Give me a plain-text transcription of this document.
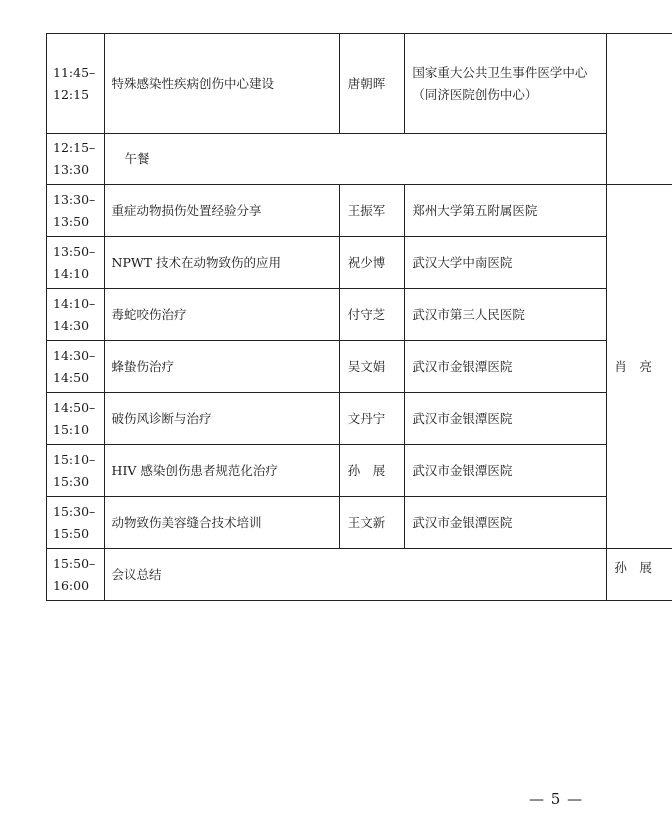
11:45–
12:15	特殊感染性疾病创伤中心建设	唐朝晖	国家重大公共卫生事件医学中心（同济医院创伤中心）	

12:15–
13:30	午餐			

13:30–
13:50	重症动物损伤处置经验分享	王振军	郑州大学第五附属医院	肖　亮

13:50–
14:10	NPWT 技术在动物致伤的应用	祝少博	武汉大学中南医院	

14:10–
14:30	毒蛇咬伤治疗	付守芝	武汉市第三人民医院	

14:30–
14:50	蜂蛰伤治疗	吴文娟	武汉市金银潭医院	

14:50–
15:10	破伤风诊断与治疗	文丹宁	武汉市金银潭医院	

15:10–
15:30	HIV 感染创伤患者规范化治疗	孙　展	武汉市金银潭医院	

15:30–
15:50	动物致伤美容缝合技术培训	王文新	武汉市金银潭医院	

15:50–
16:00	会议总结			孙　展
— 5 —
